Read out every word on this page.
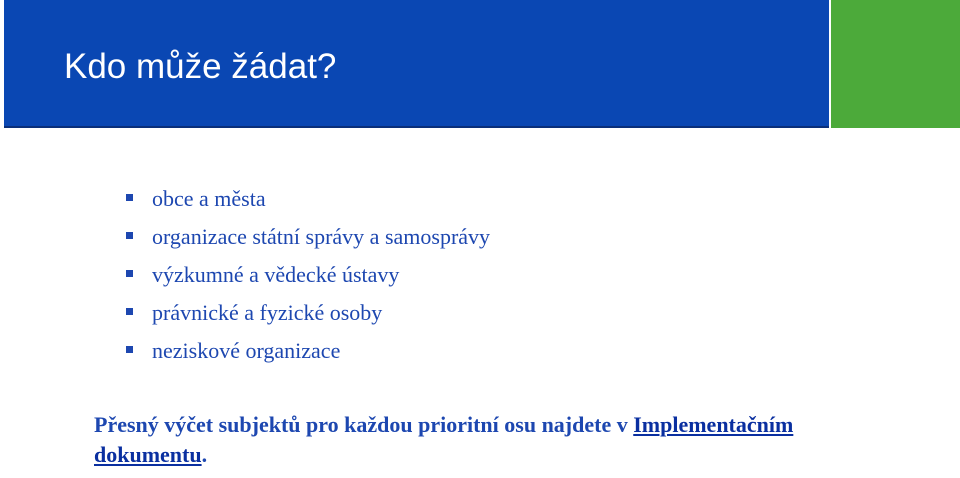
Kdo může žádat?
obce a města
organizace státní správy a samosprávy
výzkumné a vědecké ústavy
právnické a fyzické osoby
neziskové organizace

Přesný výčet subjektů pro každou prioritní osu najdete v Implementačním dokumentu.
